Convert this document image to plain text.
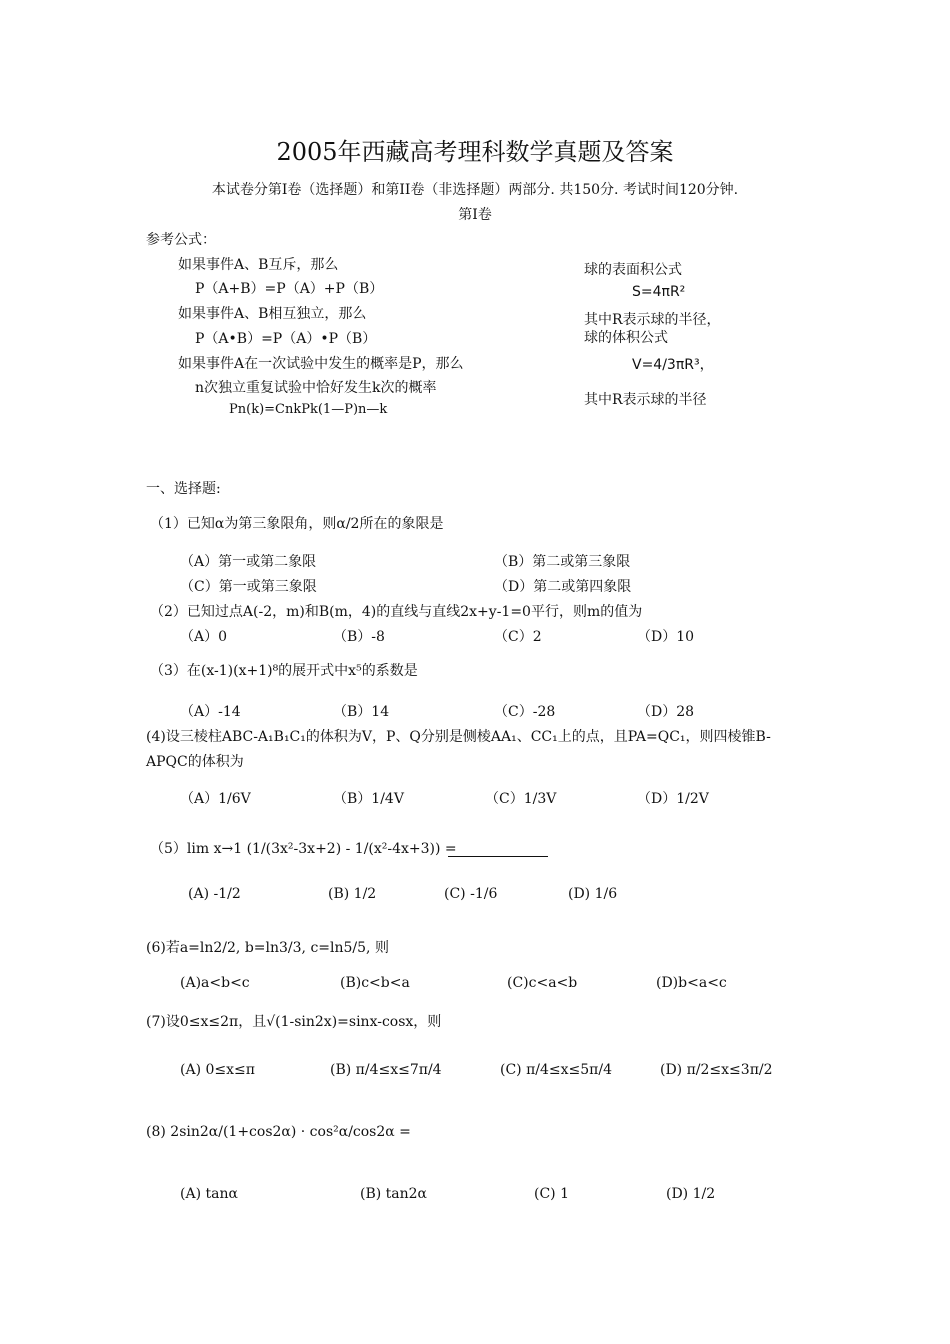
2005年西藏高考理科数学真题及答案
本试卷分第Ⅰ卷（选择题）和第II卷（非选择题）两部分. 共150分. 考试时间120分钟.
第Ⅰ卷
参考公式：
如果事件A、B互斥，那么
P（A+B）=P（A）+P（B）
如果事件A、B相互独立，那么
P（A•B）=P（A）•P（B）
如果事件A在一次试验中发生的概率是P，那么
n次独立重复试验中恰好发生k次的概率
Pn(k)=CnkPk(1—P)n—k
球的表面积公式
S=4πR²
其中R表示球的半径，
球的体积公式
V=4/3πR³，
其中R表示球的半径
一、选择题:
（1）已知α为第三象限角，则α/2所在的象限是
（A）第一或第二象限	（B）第二或第三象限
（C）第一或第三象限	（D）第二或第四象限
（2）已知过点A(-2，m)和B(m，4)的直线与直线2x+y-1=0平行，则m的值为
（A）0	（B）-8	（C）2	（D）10
（3）在(x-1)(x+1)⁸的展开式中x⁵的系数是
（A）-14	（B）14	（C）-28	（D）28
(4)设三棱柱ABC-A₁B₁C₁的体积为V，P、Q分别是侧棱AA₁、CC₁上的点，且PA=QC₁，则四棱锥B-
APQC的体积为
（A）1/6V	（B）1/4V	（C）1/3V	（D）1/2V
（5）lim x→1 (1/(3x²-3x+2) - 1/(x²-4x+3)) =
(A) -1/2	(B) 1/2	(C) -1/6	(D) 1/6
(6)若a=ln2/2, b=ln3/3, c=ln5/5, 则
(A)a<b<c	(B)c<b<a	(C)c<a<b	(D)b<a<c
(7)设0≤x≤2π，且√(1-sin2x)=sinx-cosx，则
(A) 0≤x≤π	(B) π/4≤x≤7π/4	(C) π/4≤x≤5π/4	(D) π/2≤x≤3π/2
(8) 2sin2α/(1+cos2α) · cos²α/cos2α =
(A) tanα	(B) tan2α	(C) 1	(D) 1/2
